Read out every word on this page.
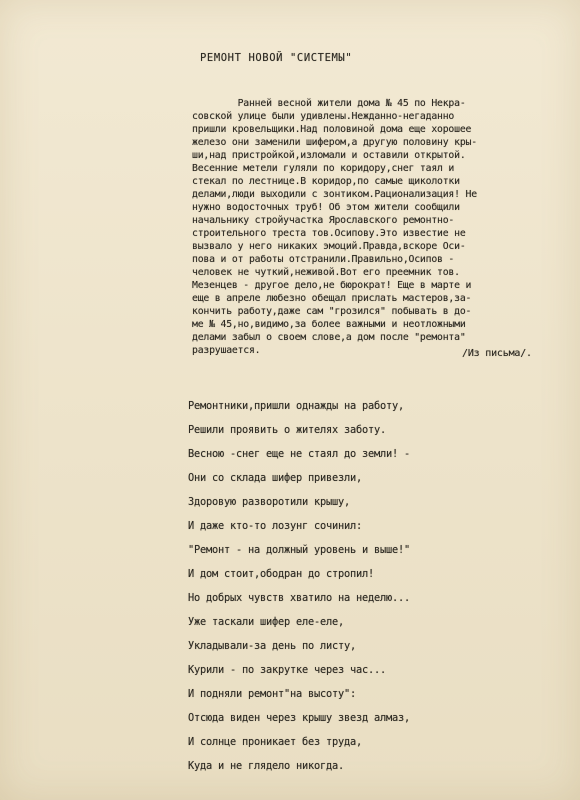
РЕМОНТ НОВОЙ "СИСТЕМЫ"
Ранней весной жители дома № 45 по Некра-
совской улице были удивлены.Нежданно-негаданно
пришли кровельщики.Над половиной дома еще хорошее
железо они заменили шифером,а другую половину кры-
ши,над пристройкой,изломали и оставили открытой.
Весенние метели гуляли по коридору,снег таял и
стекал по лестнице.В коридор,по самые щиколотки
делами,люди выходили с зонтиком.Рационализация! Не
нужно водосточных труб! Об этом жители сообщили
начальнику стройучастка Ярославского ремонтно-
строительного треста тов.Осипову.Это известие не
вызвало у него никаких эмоций.Правда,вскоре Оси-
пова и от работы отстранили.Правильно,Осипов -
человек не чуткий,неживой.Вот его преемник тов.
Мезенцев - другое дело,не бюрократ! Еще в марте и
еще в апреле любезно обещал прислать мастеров,за-
кончить работу,даже сам "грозился" побывать в до-
ме № 45,но,видимо,за более важными и неотложными
делами забыл о своем слове,а дом после "ремонта"
разрушается.	/Из письма/.
Ремонтники,пришли однажды на работу,
Решили проявить о жителях заботу.
Весною -снег еще не стаял до земли! -
Они со склада шифер привезли,
Здоровую разворотили крышу,
И даже кто-то лозунг сочинил:
"Ремонт - на должный уровень и выше!"
И дом стоит,ободран до стропил!
Но добрых чувств хватило на неделю...
Уже таскали шифер еле-еле,
Укладывали-за день по листу,
Курили - по закрутке через час...
И подняли ремонт"на высоту":
Отсюда виден через крышу звезд алмаз,
И солнце проникает без труда,
Куда и не глядело никогда.
